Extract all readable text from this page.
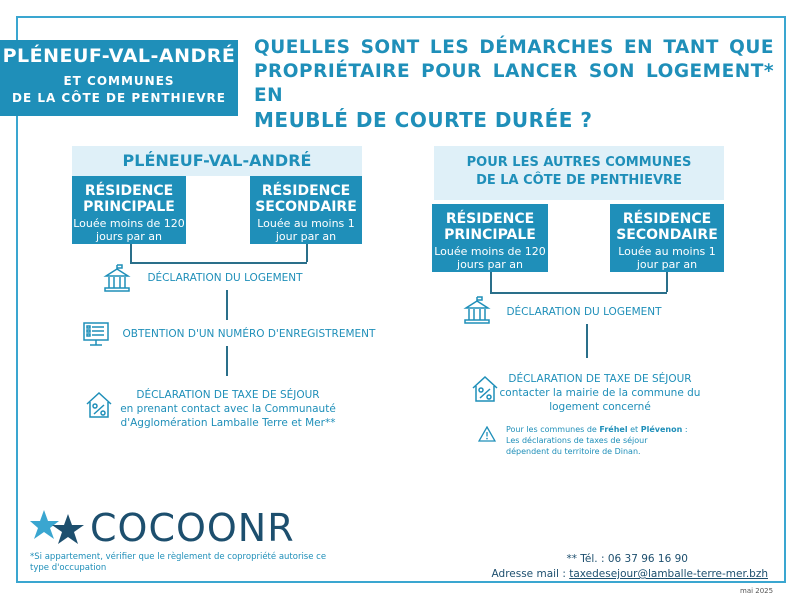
PLÉNEUF-VAL-ANDRÉ
ET COMMUNES
DE LA CÔTE DE PENTHIEVRE
QUELLES SONT LES DÉMARCHES EN TANT QUE
PROPRIÉTAIRE POUR LANCER SON LOGEMENT* EN
MEUBLÉ DE COURTE DURÉE ?
PLÉNEUF-VAL-ANDRÉ
RÉSIDENCE
PRINCIPALE
Louée moins de 120
jours par an
RÉSIDENCE
SECONDAIRE
Louée au moins 1
jour par an
DÉCLARATION DU LOGEMENT
OBTENTION D'UN NUMÉRO D'ENREGISTREMENT
DÉCLARATION DE TAXE DE SÉJOUR
en prenant contact avec la Communauté
d'Agglomération Lamballe Terre et Mer**
POUR LES AUTRES COMMUNES
DE LA CÔTE DE PENTHIEVRE
RÉSIDENCE
PRINCIPALE
Louée moins de 120
jours par an
RÉSIDENCE
SECONDAIRE
Louée au moins 1
jour par an
DÉCLARATION DU LOGEMENT
DÉCLARATION DE TAXE DE SÉJOUR
contacter la mairie de la commune du
logement concerné
Pour les communes de Fréhel et Plévenon :
Les déclarations de taxes de séjour
dépendent du territoire de Dinan.
COCOONR
*Si appartement, vérifier que le règlement de copropriété autorise ce
type d'occupation
** Tél. : 06 37 96 16 90
Adresse mail : taxedesejour@lamballe-terre-mer.bzh
mai 2025
